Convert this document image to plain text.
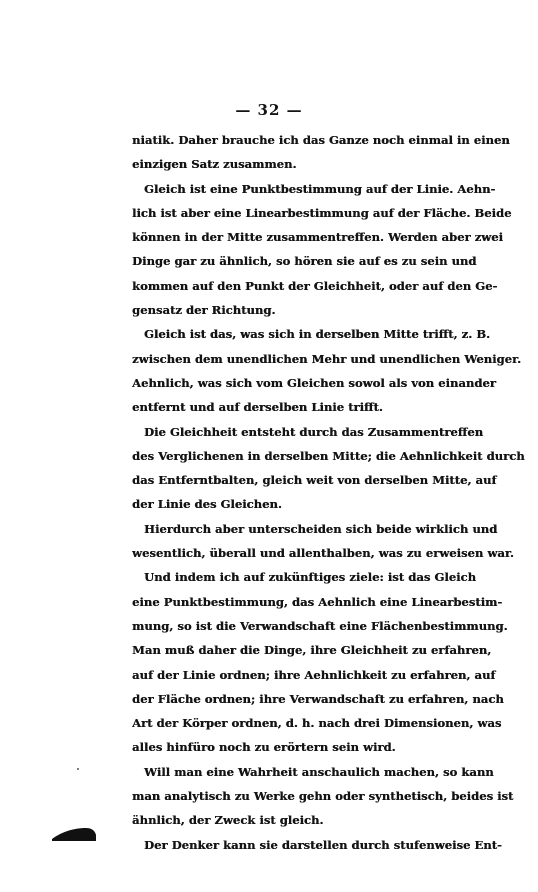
— 32 —
niatik. Daher brauche ich das Ganze noch einmal in einen
einzigen Satz zusammen.
Gleich ist eine Punktbestimmung auf der Linie. Aehn-
lich ist aber eine Linearbestimmung auf der Fläche. Beide
können in der Mitte zusammentreffen. Werden aber zwei
Dinge gar zu ähnlich, so hören sie auf es zu sein und
kommen auf den Punkt der Gleichheit, oder auf den Ge-
gensatz der Richtung.
Gleich ist das, was sich in derselben Mitte trifft, z. B.
zwischen dem unendlichen Mehr und unendlichen Weniger.
Aehnlich, was sich vom Gleichen sowol als von einander
entfernt und auf derselben Linie trifft.
Die Gleichheit entsteht durch das Zusammentreffen
des Verglichenen in derselben Mitte; die Aehnlichkeit durch
das Entferntbalten, gleich weit von derselben Mitte, auf
der Linie des Gleichen.
Hierdurch aber unterscheiden sich beide wirklich und
wesentlich, überall und allenthalben, was zu erweisen war.
Und indem ich auf zukünftiges ziele: ist das Gleich
eine Punktbestimmung, das Aehnlich eine Linearbestim-
mung, so ist die Verwandschaft eine Flächenbestimmung.
Man muß daher die Dinge, ihre Gleichheit zu erfahren,
auf der Linie ordnen; ihre Aehnlichkeit zu erfahren, auf
der Fläche ordnen; ihre Verwandschaft zu erfahren, nach
Art der Körper ordnen, d. h. nach drei Dimensionen, was
alles hinfüro noch zu erörtern sein wird.
Will man eine Wahrheit anschaulich machen, so kann
man analytisch zu Werke gehn oder synthetisch, beides ist
ähnlich, der Zweck ist gleich.
Der Denker kann sie darstellen durch stufenweise Ent-
